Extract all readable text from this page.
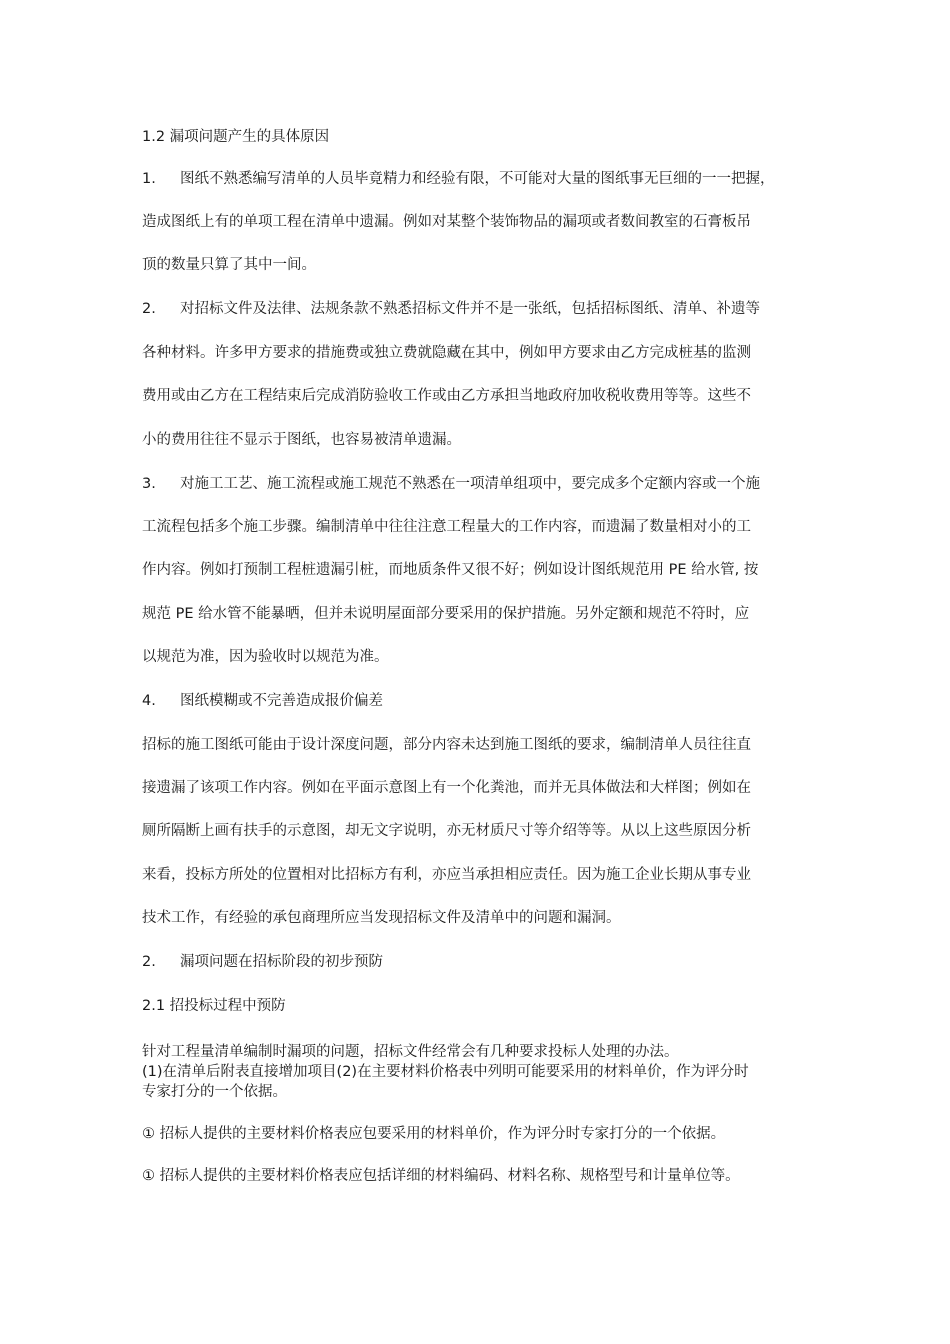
1.2 漏项问题产生的具体原因
1. 图纸不熟悉编写清单的人员毕竟精力和经验有限，不可能对大量的图纸事无巨细的一一把握，
造成图纸上有的单项工程在清单中遗漏。例如对某整个装饰物品的漏项或者数间教室的石膏板吊
顶的数量只算了其中一间。
2. 对招标文件及法律、法规条款不熟悉招标文件并不是一张纸，包括招标图纸、清单、补遗等
各种材料。许多甲方要求的措施费或独立费就隐藏在其中，例如甲方要求由乙方完成桩基的监测
费用或由乙方在工程结束后完成消防验收工作或由乙方承担当地政府加收税收费用等等。这些不
小的费用往往不显示于图纸，也容易被清单遗漏。
3. 对施工工艺、施工流程或施工规范不熟悉在一项清单组项中，要完成多个定额内容或一个施
工流程包括多个施工步骤。编制清单中往往注意工程量大的工作内容，而遗漏了数量相对小的工
作内容。例如打预制工程桩遗漏引桩，而地质条件又很不好；例如设计图纸规范用 PE 给水管, 按
规范 PE 给水管不能暴晒，但并未说明屋面部分要采用的保护措施。另外定额和规范不符时，应
以规范为准，因为验收时以规范为准。
4. 图纸模糊或不完善造成报价偏差
招标的施工图纸可能由于设计深度问题，部分内容未达到施工图纸的要求，编制清单人员往往直
接遗漏了该项工作内容。例如在平面示意图上有一个化粪池，而并无具体做法和大样图；例如在
厕所隔断上画有扶手的示意图，却无文字说明，亦无材质尺寸等介绍等等。从以上这些原因分析
来看，投标方所处的位置相对比招标方有利，亦应当承担相应责任。因为施工企业长期从事专业
技术工作，有经验的承包商理所应当发现招标文件及清单中的问题和漏洞。
2. 漏项问题在招标阶段的初步预防
2.1 招投标过程中预防
针对工程量清单编制时漏项的问题，招标文件经常会有几种要求投标人处理的办法。
(1)在清单后附表直接增加项目(2)在主要材料价格表中列明可能要采用的材料单价，作为评分时
专家打分的一个依据。
① 招标人提供的主要材料价格表应包要采用的材料单价，作为评分时专家打分的一个依据。
① 招标人提供的主要材料价格表应包括详细的材料编码、材料名称、规格型号和计量单位等。
